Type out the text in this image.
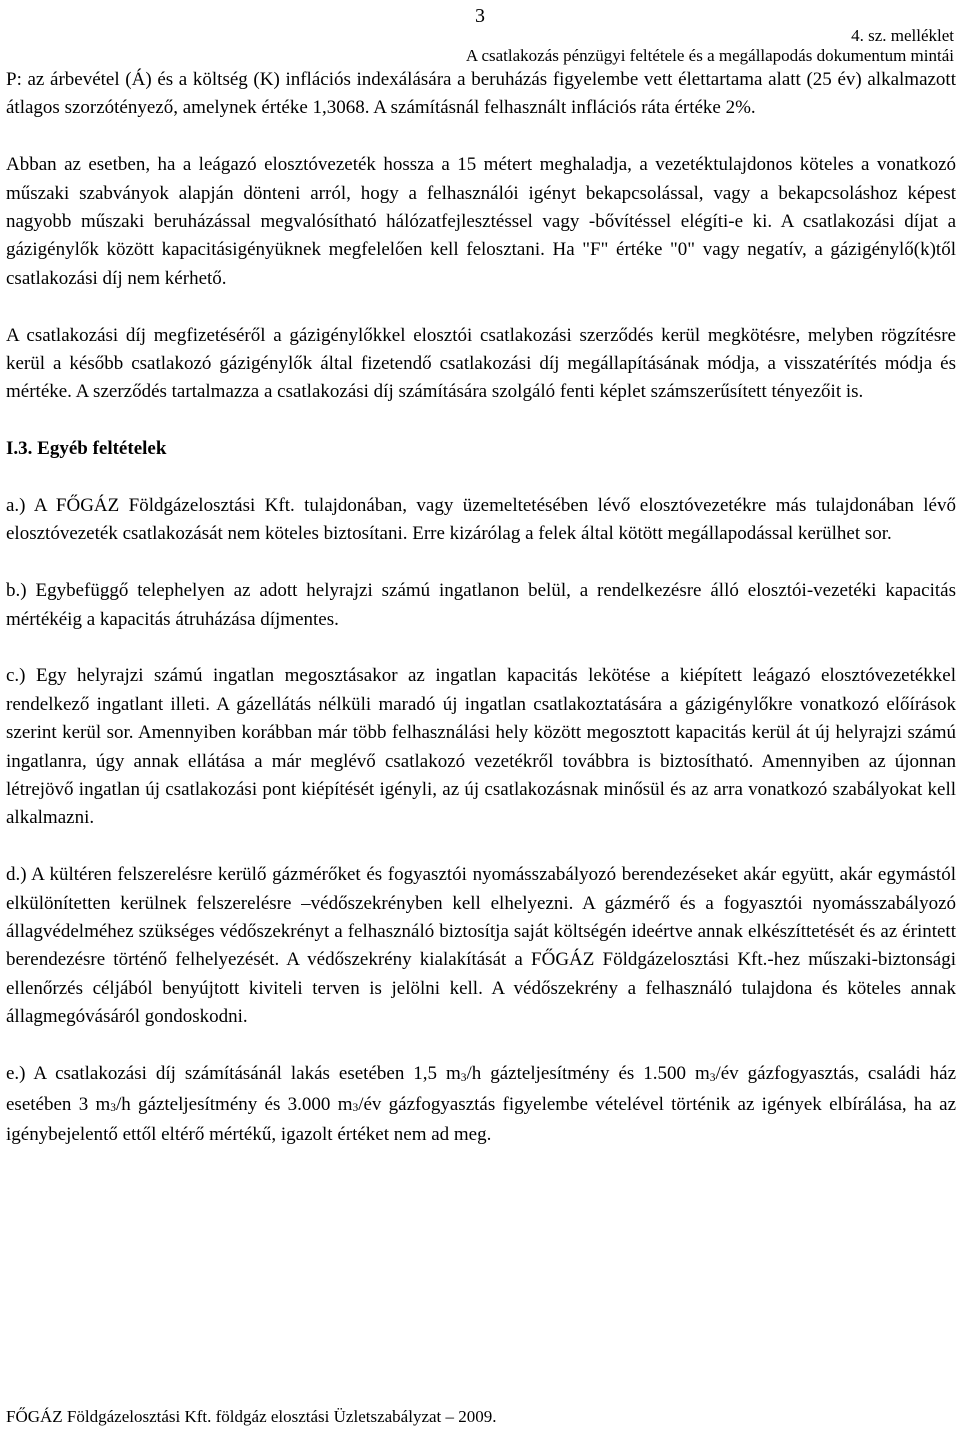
3
4. sz. melléklet
A csatlakozás pénzügyi feltétele és a megállapodás dokumentum mintái

P: az árbevétel (Á) és a költség (K) inflációs indexálására a beruházás figyelembe vett élettartama alatt (25 év) alkalmazott átlagos szorzótényező, amelynek értéke 1,3068. A számításnál felhasznált inflációs ráta értéke 2%.

Abban az esetben, ha a leágazó elosztóvezeték hossza a 15 métert meghaladja, a vezetéktulajdonos köteles a vonatkozó műszaki szabványok alapján dönteni arról, hogy a felhasználói igényt bekapcsolással, vagy a bekapcsoláshoz képest nagyobb műszaki beruházással megvalósítható hálózatfejlesztéssel vagy -bővítéssel elégíti-e ki. A csatlakozási díjat a gázigénylők között kapacitásigényüknek megfelelően kell felosztani. Ha "F" értéke "0" vagy negatív, a gázigénylő(k)től csatlakozási díj nem kérhető.

A csatlakozási díj megfizetéséről a gázigénylőkkel elosztói csatlakozási szerződés kerül megkötésre, melyben rögzítésre kerül a később csatlakozó gázigénylők által fizetendő csatlakozási díj megállapításának módja, a visszatérítés módja és mértéke. A szerződés tartalmazza a csatlakozási díj számítására szolgáló fenti képlet számszerűsített tényezőit is.

I.3. Egyéb feltételek

a.) A FŐGÁZ Földgázelosztási Kft. tulajdonában, vagy üzemeltetésében lévő elosztóvezetékre más tulajdonában lévő elosztóvezeték csatlakozását nem köteles biztosítani. Erre kizárólag a felek által kötött megállapodással kerülhet sor.

b.) Egybefüggő telephelyen az adott helyrajzi számú ingatlanon belül, a rendelkezésre álló elosztói-vezetéki kapacitás mértékéig a kapacitás átruházása díjmentes.

c.) Egy helyrajzi számú ingatlan megosztásakor az ingatlan kapacitás lekötése a kiépített leágazó elosztóvezetékkel rendelkező ingatlant illeti. A gázellátás nélküli maradó új ingatlan csatlakoztatására a gázigénylőkre vonatkozó előírások szerint kerül sor. Amennyiben korábban már több felhasználási hely között megosztott kapacitás kerül át új helyrajzi számú ingatlanra, úgy annak ellátása a már meglévő csatlakozó vezetékről továbbra is biztosítható. Amennyiben az újonnan létrejövő ingatlan új csatlakozási pont kiépítését igényli, az új csatlakozásnak minősül és az arra vonatkozó szabályokat kell alkalmazni.

d.) A kültéren felszerelésre kerülő gázmérőket és fogyasztói nyomásszabályozó berendezéseket akár együtt, akár egymástól elkülönítetten kerülnek felszerelésre –védőszekrényben kell elhelyezni. A gázmérő és a fogyasztói nyomásszabályozó állagvédelméhez szükséges védőszekrényt a felhasználó biztosítja saját költségén ideértve annak elkészíttetését és az érintett berendezésre történő felhelyezését. A védőszekrény kialakítását a FŐGÁZ Földgázelosztási Kft.-hez műszaki-biztonsági ellenőrzés céljából benyújtott kiviteli terven is jelölni kell. A védőszekrény a felhasználó tulajdona és köteles annak állagmegóvásáról gondoskodni.

e.) A csatlakozási díj számításánál lakás esetében 1,5 $m_3/h$ gázteljesítmény és 1.500 $m_3/év$ gázfogyasztás, családi ház esetében 3 $m_3/h$ gázteljesítmény és 3.000 $m_3/év$ gázfogyasztás figyelembe vételével történik az igények elbírálása, ha az igénybejelentő ettől eltérő mértékű, igazolt értéket nem ad meg.

FŐGÁZ Földgázelosztási Kft. földgáz elosztási Üzletszabályzat – 2009.
